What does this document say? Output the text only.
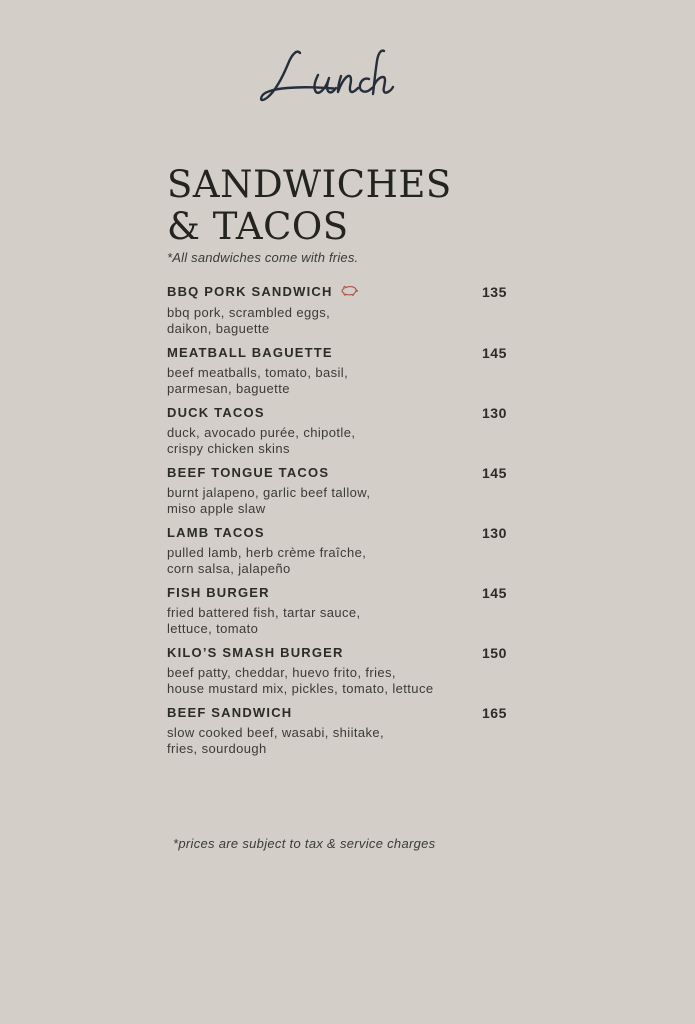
SANDWICHES
& TACOS
*All sandwiches come with fries.
BBQ PORK SANDWICH	135
bbq pork, scrambled eggs,
daikon, baguette
MEATBALL BAGUETTE	145
beef meatballs, tomato, basil,
parmesan, baguette
DUCK TACOS	130
duck, avocado purée, chipotle,
crispy chicken skins
BEEF TONGUE TACOS	145
burnt jalapeno, garlic beef tallow,
miso apple slaw
LAMB TACOS	130
pulled lamb, herb crème fraîche,
corn salsa, jalapeño
FISH BURGER	145
fried battered fish, tartar sauce,
lettuce, tomato
KILO’S SMASH BURGER	150
beef patty, cheddar, huevo frito, fries,
house mustard mix, pickles, tomato, lettuce
BEEF SANDWICH	165
slow cooked beef, wasabi, shiitake,
fries, sourdough
*prices are subject to tax & service charges
